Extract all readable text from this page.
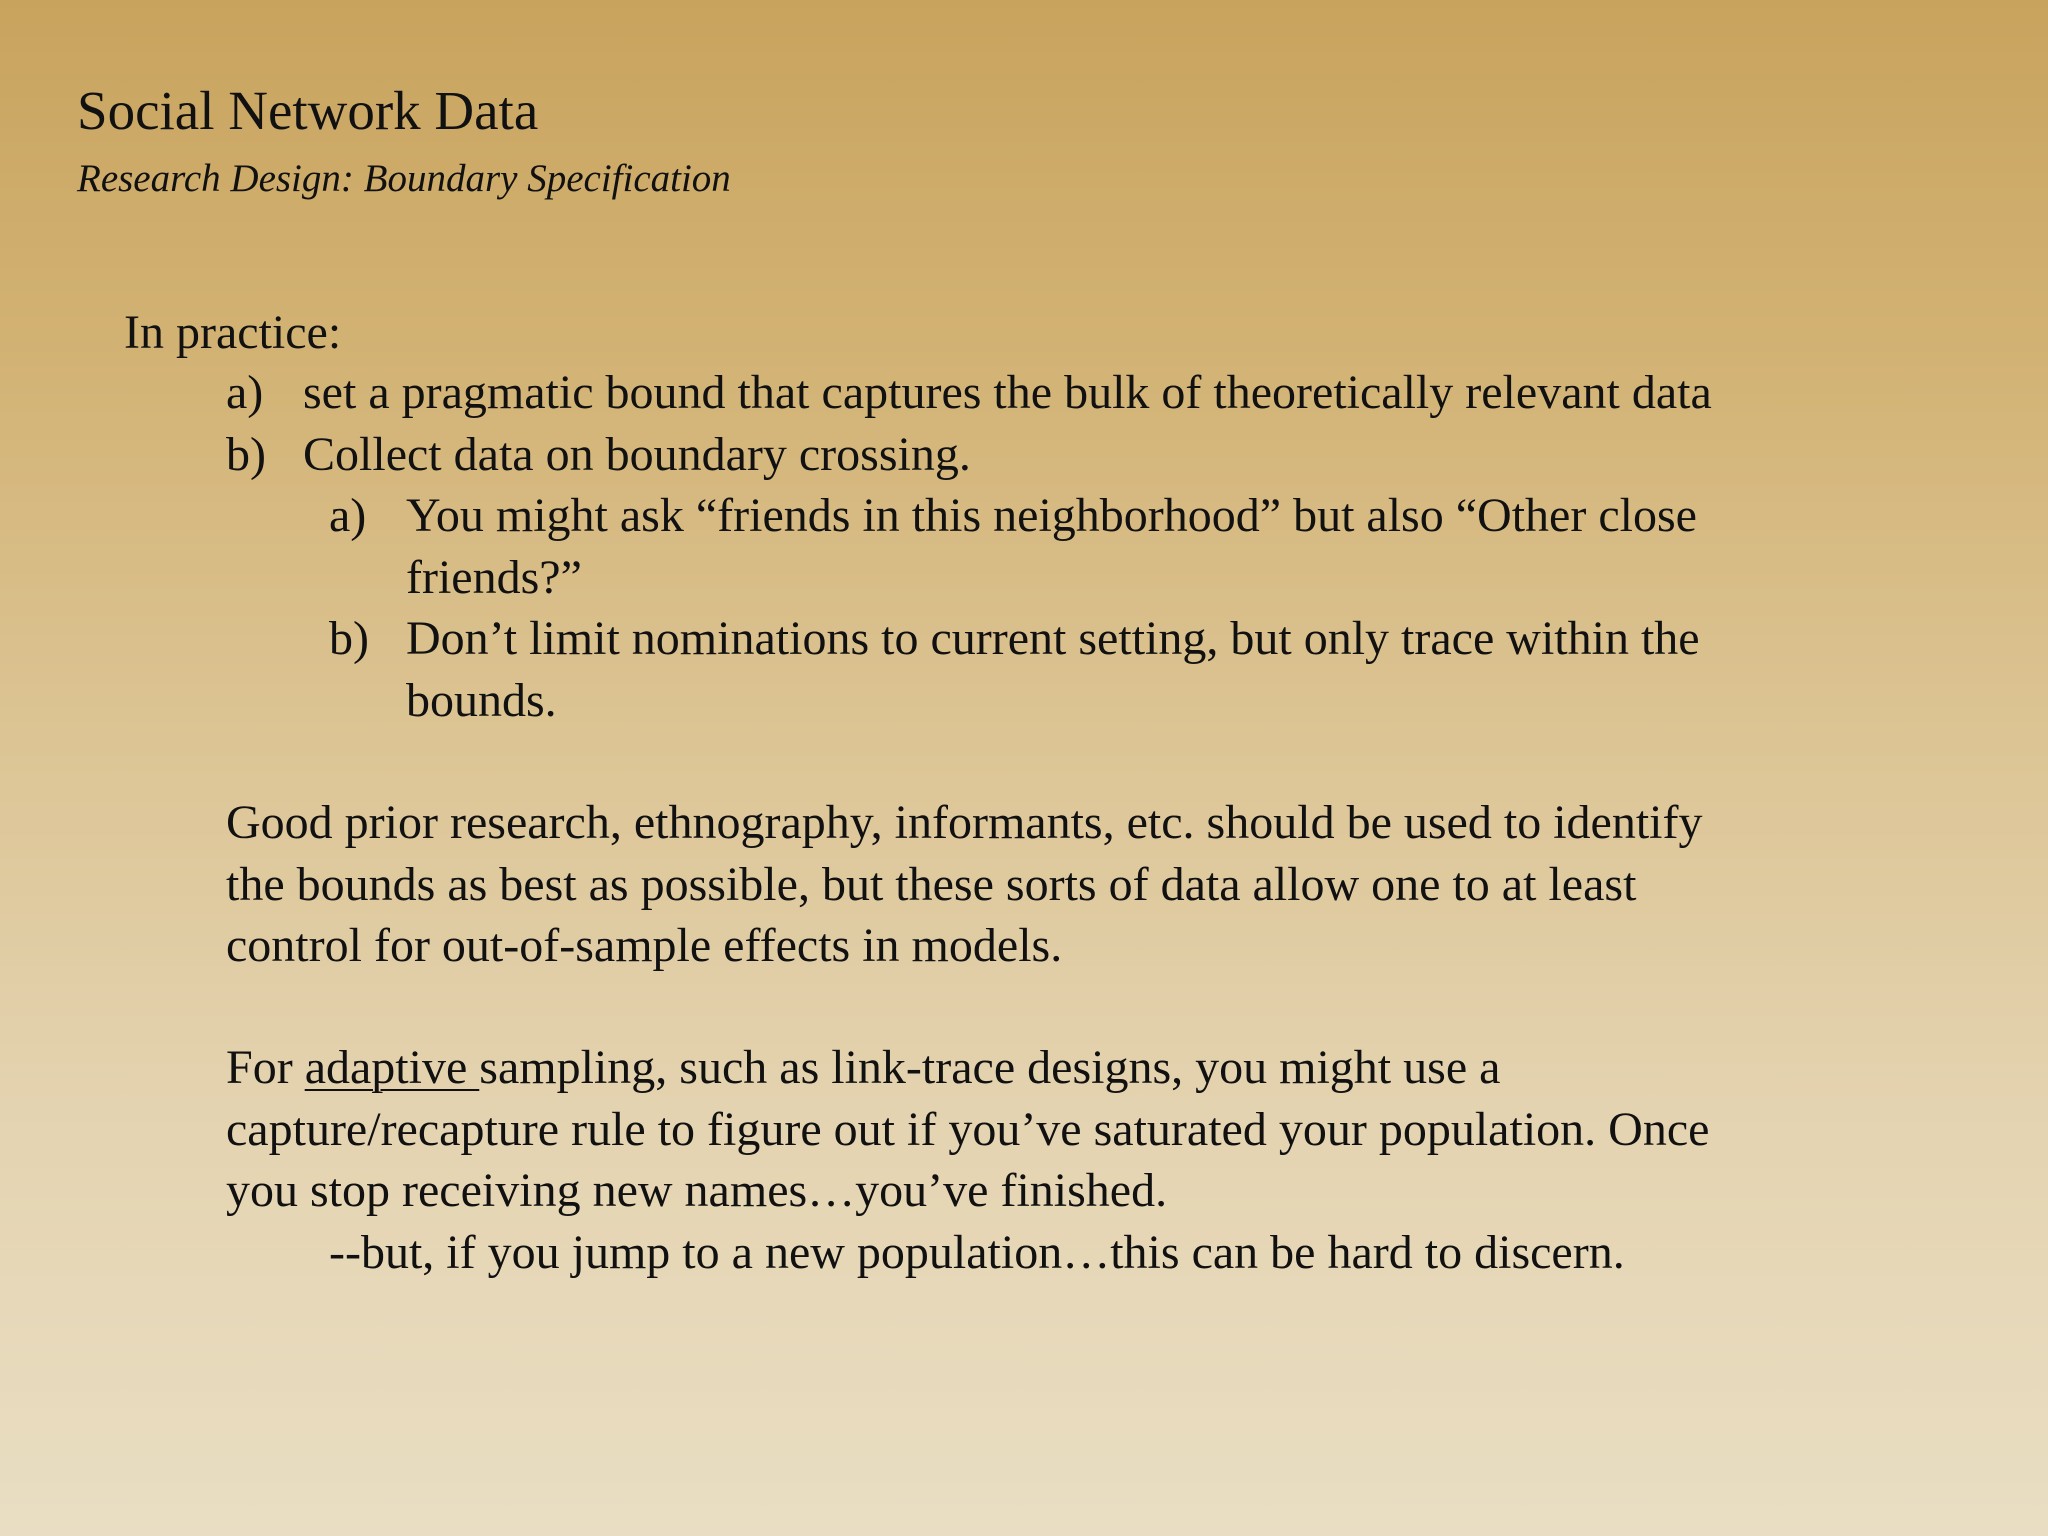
Social Network Data
Research Design: Boundary Specification
In practice:
a) set a pragmatic bound that captures the bulk of theoretically relevant data
b) Collect data on boundary crossing.
a) You might ask “friends in this neighborhood” but also “Other close
friends?”
b) Don’t limit nominations to current setting, but only trace within the
bounds.
Good prior research, ethnography, informants, etc. should be used to identify
the bounds as best as possible, but these sorts of data allow one to at least
control for out-of-sample effects in models.
For adaptive sampling, such as link-trace designs, you might use a
capture/recapture rule to figure out if you’ve saturated your population. Once
you stop receiving new names…you’ve finished.
--but, if you jump to a new population…this can be hard to discern.
